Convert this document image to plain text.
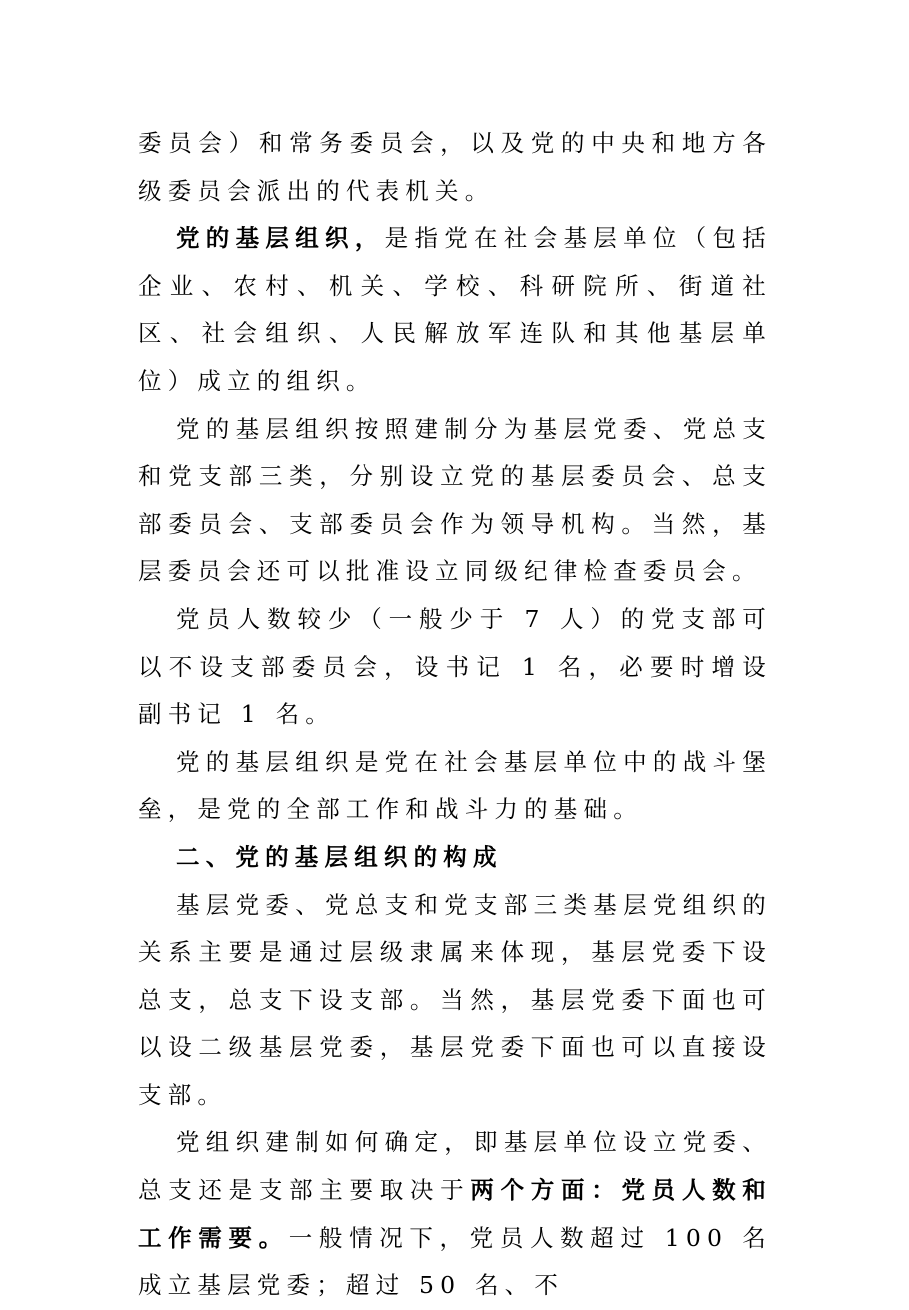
委员会）和常务委员会，以及党的中央和地方各级委员会派出的代表机关。

党的基层组织，是指党在社会基层单位（包括企业、农村、机关、学校、科研院所、街道社区、社会组织、人民解放军连队和其他基层单位）成立的组织。

党的基层组织按照建制分为基层党委、党总支和党支部三类，分别设立党的基层委员会、总支部委员会、支部委员会作为领导机构。当然，基层委员会还可以批准设立同级纪律检查委员会。

党员人数较少（一般少于 7 人）的党支部可以不设支部委员会，设书记 1 名，必要时增设副书记 1 名。

党的基层组织是党在社会基层单位中的战斗堡垒，是党的全部工作和战斗力的基础。

二、党的基层组织的构成

基层党委、党总支和党支部三类基层党组织的关系主要是通过层级隶属来体现，基层党委下设总支，总支下设支部。当然，基层党委下面也可以设二级基层党委，基层党委下面也可以直接设支部。

党组织建制如何确定，即基层单位设立党委、总支还是支部主要取决于两个方面：党员人数和工作需要。一般情况下，党员人数超过 100 名成立基层党委；超过 50 名、不
